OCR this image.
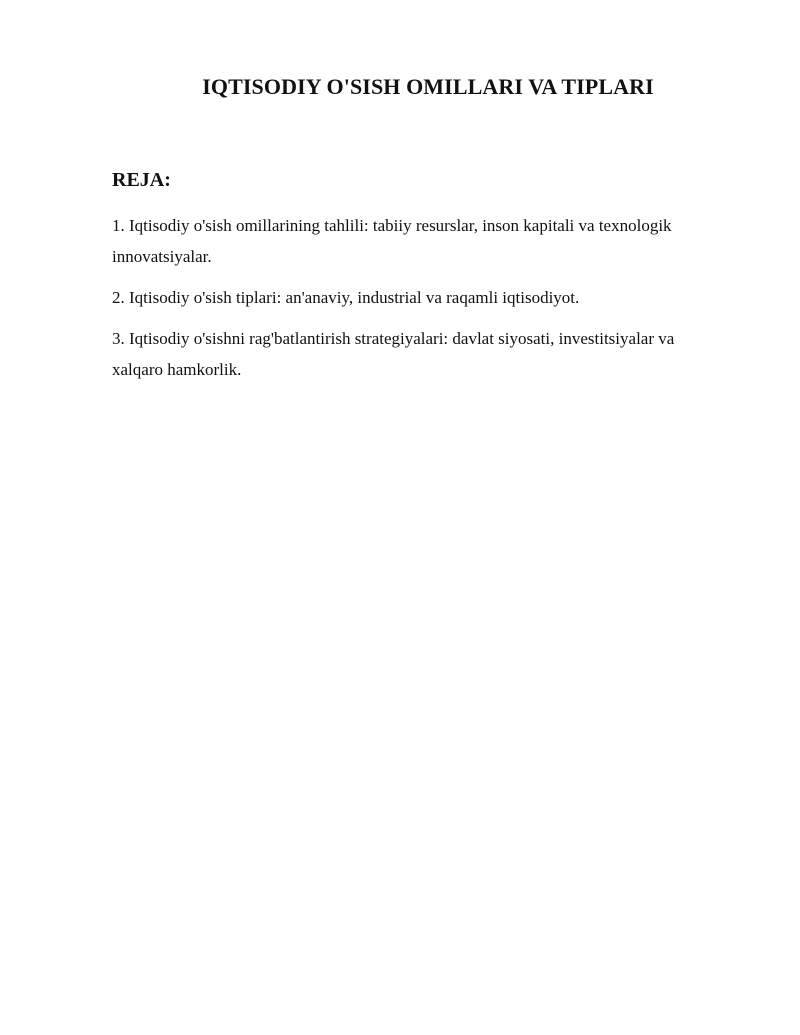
IQTISODIY O'SISH OMILLARI VA TIPLARI
REJA:
1. Iqtisodiy o'sish omillarining tahlili: tabiiy resurslar, inson kapitali va texnologik innovatsiyalar.
2. Iqtisodiy o'sish tiplari: an'anaviy, industrial va raqamli iqtisodiyot.
3. Iqtisodiy o'sishni rag'batlantirish strategiyalari: davlat siyosati, investitsiyalar va xalqaro hamkorlik.
